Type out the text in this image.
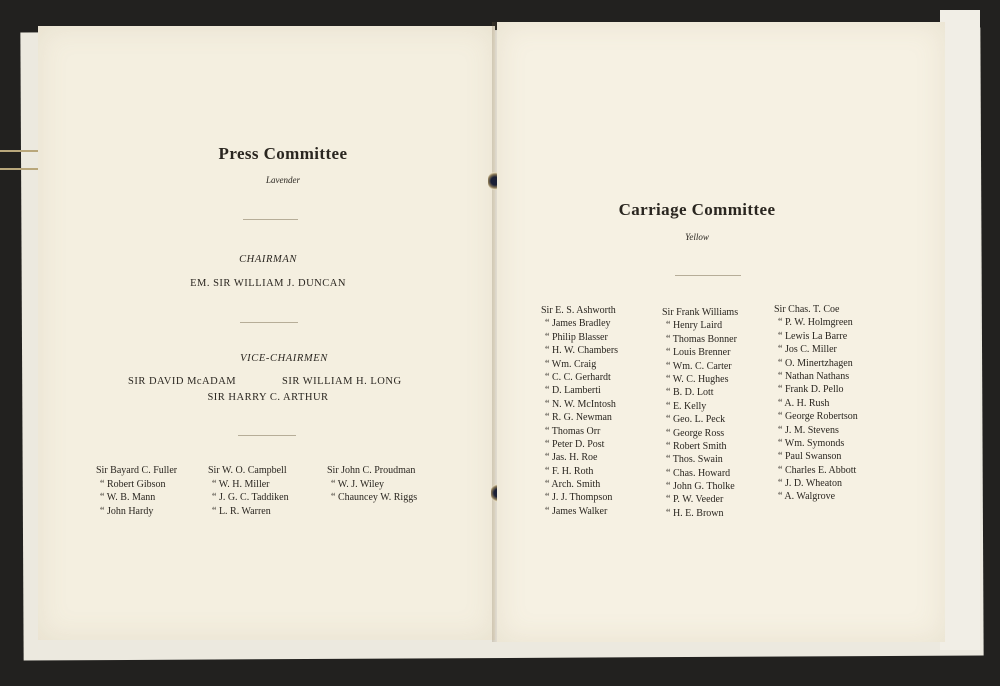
Press Committee
Lavender
CHAIRMAN
EM. SIR WILLIAM J. DUNCAN
VICE-CHAIRMEN
SIR DAVID McADAM	SIR WILLIAM H. LONG
SIR HARRY C. ARTHUR
Sir Bayard C. Fuller
“ Robert Gibson
“ W. B. Mann
“ John Hardy
Sir W. O. Campbell
“ W. H. Miller
“ J. G. C. Taddiken
“ L. R. Warren
Sir John C. Proudman
“ W. J. Wiley
“ Chauncey W. Riggs
Carriage Committee
Yellow
Sir E. S. Ashworth
“ James Bradley
“ Philip Blasser
“ H. W. Chambers
“ Wm. Craig
“ C. C. Gerhardt
“ D. Lamberti
“ N. W. McIntosh
“ R. G. Newman
“ Thomas Orr
“ Peter D. Post
“ Jas. H. Roe
“ F. H. Roth
“ Arch. Smith
“ J. J. Thompson
“ James Walker
Sir Frank Williams
“ Henry Laird
“ Thomas Bonner
“ Louis Brenner
“ Wm. C. Carter
“ W. C. Hughes
“ B. D. Lott
“ E. Kelly
“ Geo. L. Peck
“ George Ross
“ Robert Smith
“ Thos. Swain
“ Chas. Howard
“ John G. Tholke
“ P. W. Veeder
“ H. E. Brown
Sir Chas. T. Coe
“ P. W. Holmgreen
“ Lewis La Barre
“ Jos C. Miller
“ O. Minertzhagen
“ Nathan Nathans
“ Frank D. Pello
“ A. H. Rush
“ George Robertson
“ J. M. Stevens
“ Wm. Symonds
“ Paul Swanson
“ Charles E. Abbott
“ J. D. Wheaton
“ A. Walgrove
